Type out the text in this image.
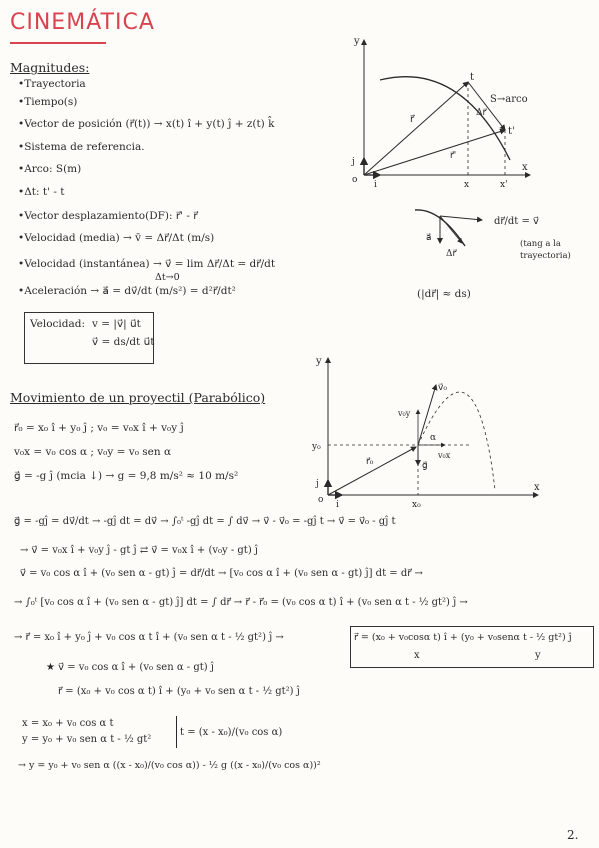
CINEMÁTICA
Magnitudes:
•Trayectoria
•Tiempo(s)
•Vector de posición (r⃗(t)) → x(t) î + y(t) ĵ + z(t) k̂
•Sistema de referencia.
•Arco: S(m)
•Δt: t' - t
•Vector desplazamiento(DF): r⃗' - r⃗
•Velocidad (media) → v̄ = Δr⃗/Δt (m/s)
•Velocidad (instantánea) → v⃗ = lim Δr⃗/Δt = dr⃗/dt
Δt→0
•Aceleración → a⃗ = dv⃗/dt (m/s²) = d²r⃗/dt²
Velocidad: v = |v⃗| u⃗t
v⃗ = ds/dt u⃗t
y
x
o i
j
x	x'
t
t'
r⃗
Δr⃗
r⃗'
S→arco
a⃗
Δr⃗
dr⃗/dt = v⃗
(tang a la
trayectoria)
(|dr⃗| ≈ ds)
Movimiento de un proyectil (Parabólico)
r⃗₀ = x₀ î + y₀ ĵ ; v₀ = v₀x î + v₀y ĵ
v₀x = v₀ cos α ; v₀y = v₀ sen α
g⃗ = -g ĵ (mcia ↓) → g = 9,8 m/s² ≈ 10 m/s²
y
x
o i
j
y₀
x₀
r⃗₀	g⃗
v⃗₀
v₀y
v₀x
α
g⃗ = -gĵ = dv⃗/dt → -gĵ dt = dv⃗ → ∫₀ᵗ -gĵ dt = ∫ dv⃗ → v⃗ - v⃗₀ = -gĵ t → v⃗ = v⃗₀ - gĵ t
→ v⃗ = v₀x î + v₀y ĵ - gt ĵ ⇄ v⃗ = v₀x î + (v₀y - gt) ĵ
v⃗ = v₀ cos α î + (v₀ sen α - gt) ĵ = dr⃗/dt → [v₀ cos α î + (v₀ sen α - gt) ĵ] dt = dr⃗ →
→ ∫₀ᵗ [v₀ cos α î + (v₀ sen α - gt) ĵ] dt = ∫ dr⃗ → r⃗ - r⃗₀ = (v₀ cos α t) î + (v₀ sen α t - ½ gt²) ĵ →
→ r⃗ = x₀ î + y₀ ĵ + v₀ cos α t î + (v₀ sen α t - ½ gt²) ĵ →
★ v⃗ = v₀ cos α î + (v₀ sen α - gt) ĵ
r⃗ = (x₀ + v₀ cos α t) î + (y₀ + v₀ sen α t - ½ gt²) ĵ
r⃗ = (x₀ + v₀cosα t) î + (y₀ + v₀senα t - ½ gt²) ĵ
x	y
x = x₀ + v₀ cos α t
y = y₀ + v₀ sen α t - ½ gt²
t = (x - x₀)/(v₀ cos α)
→ y = y₀ + v₀ sen α ((x - x₀)/(v₀ cos α)) - ½ g ((x - x₀)/(v₀ cos α))²
2.
